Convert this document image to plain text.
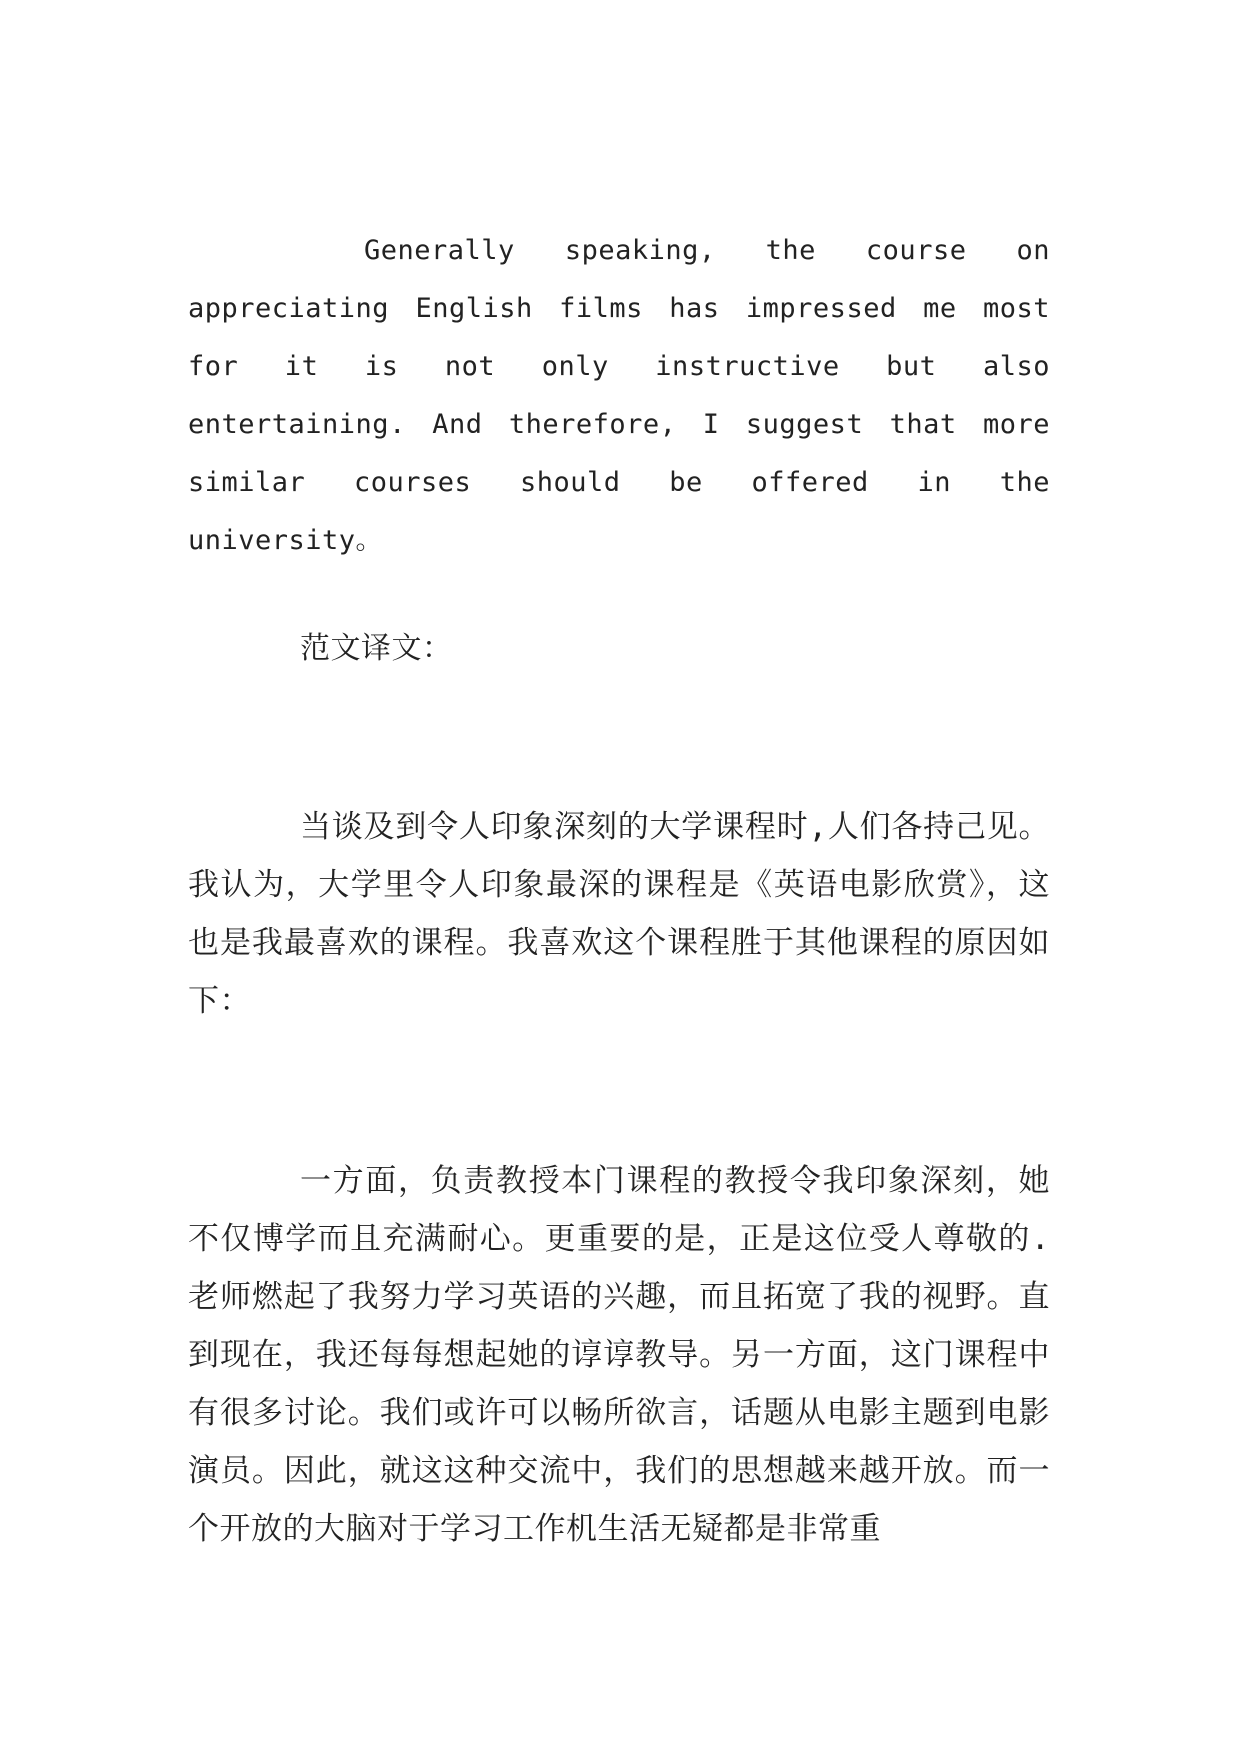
Generally speaking, the course on
appreciating English films has impressed me most
for it is not only instructive but also
entertaining. And therefore, I suggest that more
similar courses should be offered in the university。

范文译文：

当谈及到令人印象深刻的大学课程时,人们各持己见。我认为，大学里令人印象最深的课程是《英语电影欣赏》，这也是我最喜欢的课程。我喜欢这个课程胜于其他课程的原因如下：

一方面，负责教授本门课程的教授令我印象深刻，她不仅博学而且充满耐心。更重要的是，正是这位受人尊敬的.老师燃起了我努力学习英语的兴趣，而且拓宽了我的视野。直到现在，我还每每想起她的谆谆教导。另一方面，这门课程中有很多讨论。我们或许可以畅所欲言，话题从电影主题到电影演员。因此，就这这种交流中，我们的思想越来越开放。而一个开放的大脑对于学习工作机生活无疑都是非常重
